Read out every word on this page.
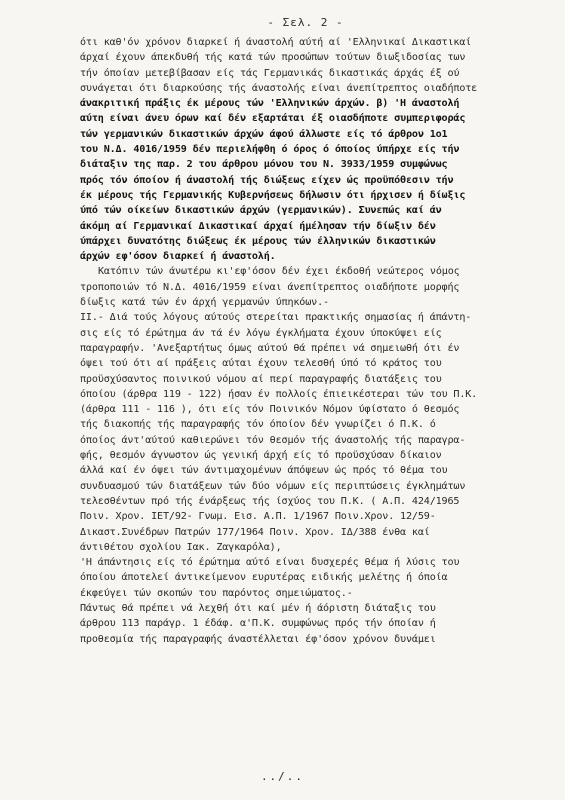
- Σελ. 2 -
ότι καθ'όν χρόνον διαρκεί ή άναστολή αύτή αί 'Ελληνικαί Δικαστικαί
άρχαί έχουν άπεκδυθή τής κατά τών προσώπων τούτων διωξιδοσίας των
τήν όποίαν μετεβίβασαν είς τάς Γερμανικάς δικαστικάς άρχάς έξ ού
συνάγεται ότι διαρκούσης τής άναστολής είναι άνεπίτρεπτος οιαδήποτε
άνακριτική πράξις έκ μέρους τών 'Ελληνικών άρχών. β) 'Η άναστολή
αύτη είναι άνευ όρων καί δέν εξαρτάται έξ οιασδήποτε συμπεριφοράς
τών γερμανικών δικαστικών άρχών άφού άλλωστε είς τό άρθρον 1ο1
του Ν.Δ. 4016/1959 δέν περιελήφθη ό όρος ό όποίος ύπήρχε είς τήν
διάταξιν της παρ. 2 του άρθρου μόνου του Ν. 3933/1959 συμφώνως
πρός τόν όποίον ή άναστολή τής διώξεως είχεν ώς προϋπόθεσιν τήν
έκ μέρους τής Γερμανικής Κυβερνήσεως δήλωσιν ότι ήρχισεν ή δίωξις
ύπό τών οίκείων δικαστικών άρχών (γερμανικών). Συνεπώς καί άν
άκόμη αί Γερμανικαί Δικαστικαί άρχαί ήμέλησαν τήν δίωξιν δέν
ύπάρχει δυνατότης διώξεως έκ μέρους τών έλληνικών δικαστικών
άρχών εφ'όσον διαρκεί ή άναστολή.
Κατόπιν τών άνωτέρω κι'εφ'όσον δέν έχει έκδοθή νεώτερος νόμος
τροποποιών τό Ν.Δ. 4016/1959 είναι άνεπίτρεπτος οιαδήποτε μορφής
δίωξις κατά τών έν άρχή γερμανών ύπηκόων.-
ΙΙ.- Διά τούς λόγους αύτούς στερείται πρακτικής σημασίας ή άπάντη-
σις είς τό έρώτημα άν τά έν λόγω έγκλήματα έχουν ύποκύψει είς
παραγραφήν. 'Ανεξαρτήτως όμως αύτού θά πρέπει νά σημειωθή ότι έν
όψει τού ότι αί πράξεις αύται έχουν τελεσθή ύπό τό κράτος του
προϋσχύσαντος ποινικού νόμου αί περί παραγραφής διατάξεις του
όποίου (άρθρα 119 - 122) ήσαν έν πολλοίς έπιεικέστεραι τών του Π.Κ.
(άρθρα 111 - 116 ), ότι είς τόν Ποινικόν Νόμον ύφίστατο ό θεσμός
τής διακοπής τής παραγραφής τόν όποίον δέν γνωρίζει ό Π.Κ. ό
όποίος άντ'αύτού καθιερώνει τόν θεσμόν τής άναστολής τής παραγρα-
φής, θεσμόν άγνωστον ώς γενική άρχή είς τό προϋσχύσαν δίκαιον
άλλά καί έν όψει τών άντιμαχομένων άπόψεων ώς πρός τό θέμα του
συνδυασμού τών διατάξεων τών δύο νόμων είς περιπτώσεις έγκλημάτων
τελεσθέντων πρό τής ένάρξεως τής ίσχύος του Π.Κ. ( Α.Π. 424/1965
Ποιν. Χρον. ΙΕΤ/92- Γνωμ. Εισ. Α.Π. 1/1967 Ποιν.Χρον. 12/59-
Δικαστ.Συνέδρων Πατρών 177/1964 Ποιν. Χρον. ΙΔ/388 ένθα καί
άντιθέτου σχολίου Ιακ. Ζαγκαρόλα),
'Η άπάντησις είς τό έρώτημα αύτό είναι δυσχερές θέμα ή λύσις του
όποίου άποτελεί άντικείμενον ευρυτέρας ειδικής μελέτης ή όποία
έκφεύγει τών σκοπών του παρόντος σημειώματος.-
Πάντως θά πρέπει νά λεχθή ότι καί μέν ή άόριστη διάταξις του
άρθρου 113 παράγρ. 1 έδάφ. α'Π.Κ. συμφώνως πρός τήν όποίαν ή
προθεσμία τής παραγραφής άναστέλλεται έφ'όσον χρόνον δυνάμει
../..
